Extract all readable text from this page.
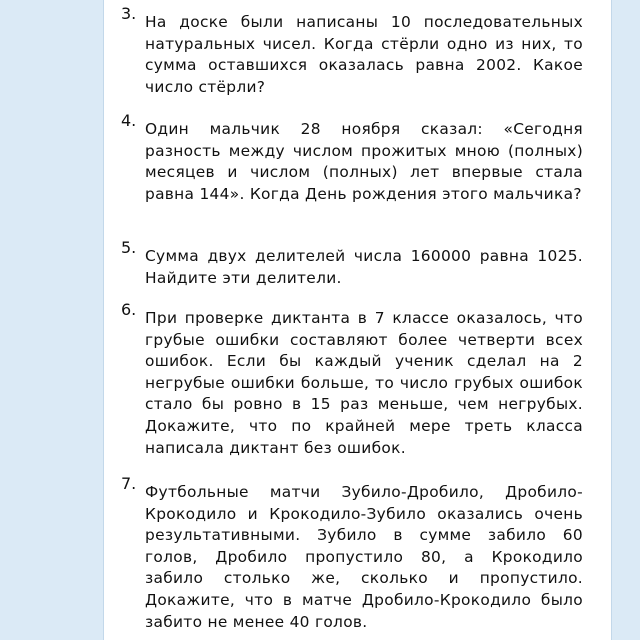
3. На доске были написаны 10 последовательных натуральных чисел. Когда стёрли одно из них, то сумма оставшихся оказалась равна 2002. Какое число стёрли?
4. Один мальчик 28 ноября сказал: «Сегодня разность между числом прожитых мною (полных) месяцев и числом (полных) лет впервые стала равна 144». Когда День рождения этого мальчика?
5. Сумма двух делителей числа 160000 равна 1025. Найдите эти делители.
6. При проверке диктанта в 7 классе оказалось, что грубые ошибки составляют более четверти всех ошибок. Если бы каждый ученик сделал на 2 негрубые ошибки больше, то число грубых ошибок стало бы ровно в 15 раз меньше, чем негрубых. Докажите, что по крайней мере треть класса написала диктант без ошибок.
7. Футбольные матчи Зубило-Дробило, Дробило-Крокодило и Крокодило-Зубило оказались очень результативными. Зубило в сумме забило 60 голов, Дробило пропустило 80, а Крокодило забило столько же, сколько и пропустило. Докажите, что в матче Дробило-Крокодило было забито не менее 40 голов.
